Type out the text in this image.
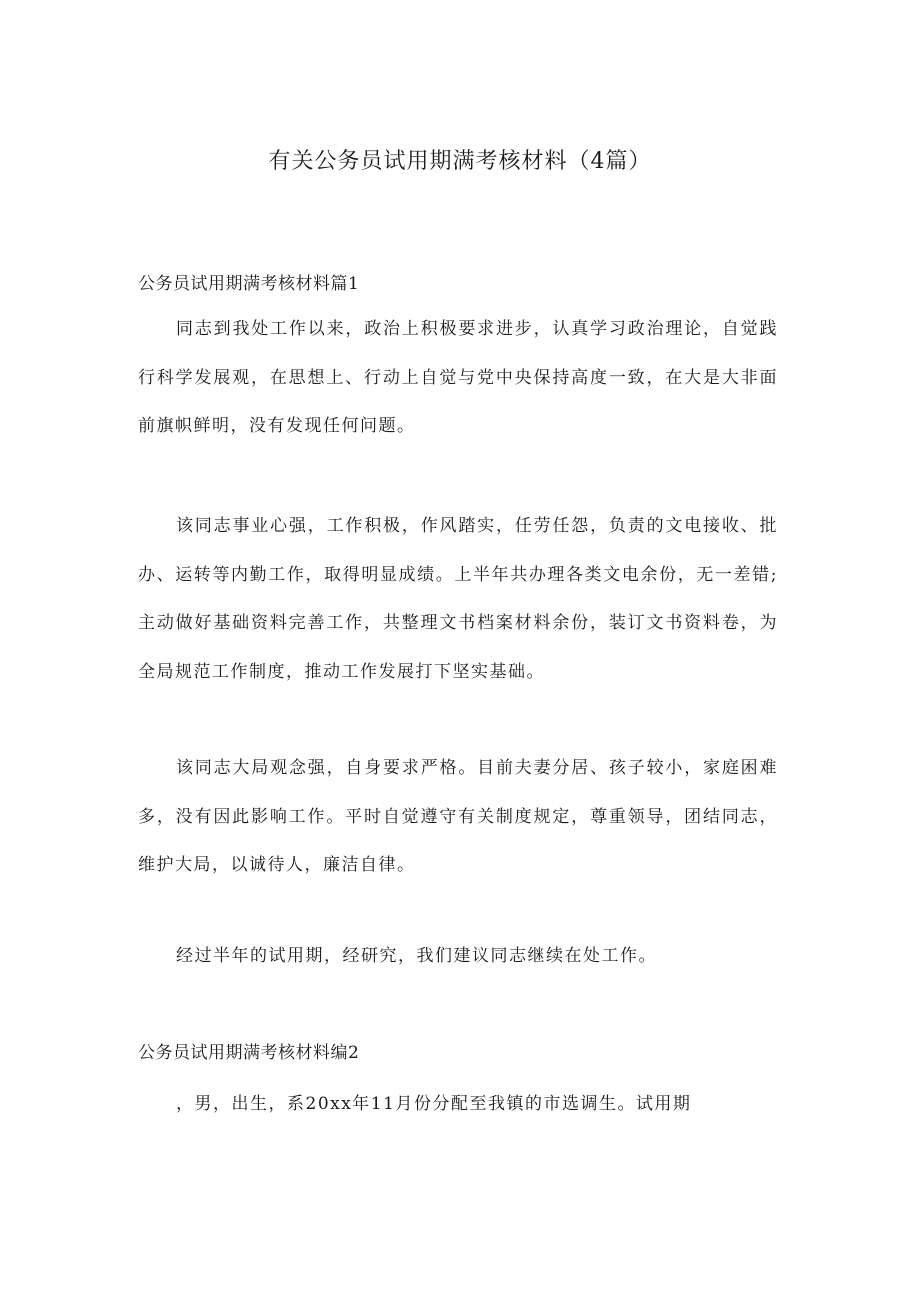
有关公务员试用期满考核材料（4篇）
公务员试用期满考核材料篇1

同志到我处工作以来，政治上积极要求进步，认真学习政治理论，自觉践行科学发展观，在思想上、行动上自觉与党中央保持高度一致，在大是大非面前旗帜鲜明，没有发现任何问题。

该同志事业心强，工作积极，作风踏实，任劳任怨，负责的文电接收、批办、运转等内勤工作，取得明显成绩。上半年共办理各类文电余份，无一差错;主动做好基础资料完善工作，共整理文书档案材料余份，装订文书资料卷，为全局规范工作制度，推动工作发展打下坚实基础。

该同志大局观念强，自身要求严格。目前夫妻分居、孩子较小，家庭困难多，没有因此影响工作。平时自觉遵守有关制度规定，尊重领导，团结同志，维护大局，以诚待人，廉洁自律。

经过半年的试用期，经研究，我们建议同志继续在处工作。

公务员试用期满考核材料编2

，男，出生，系20xx年11月份分配至我镇的市选调生。试用期
